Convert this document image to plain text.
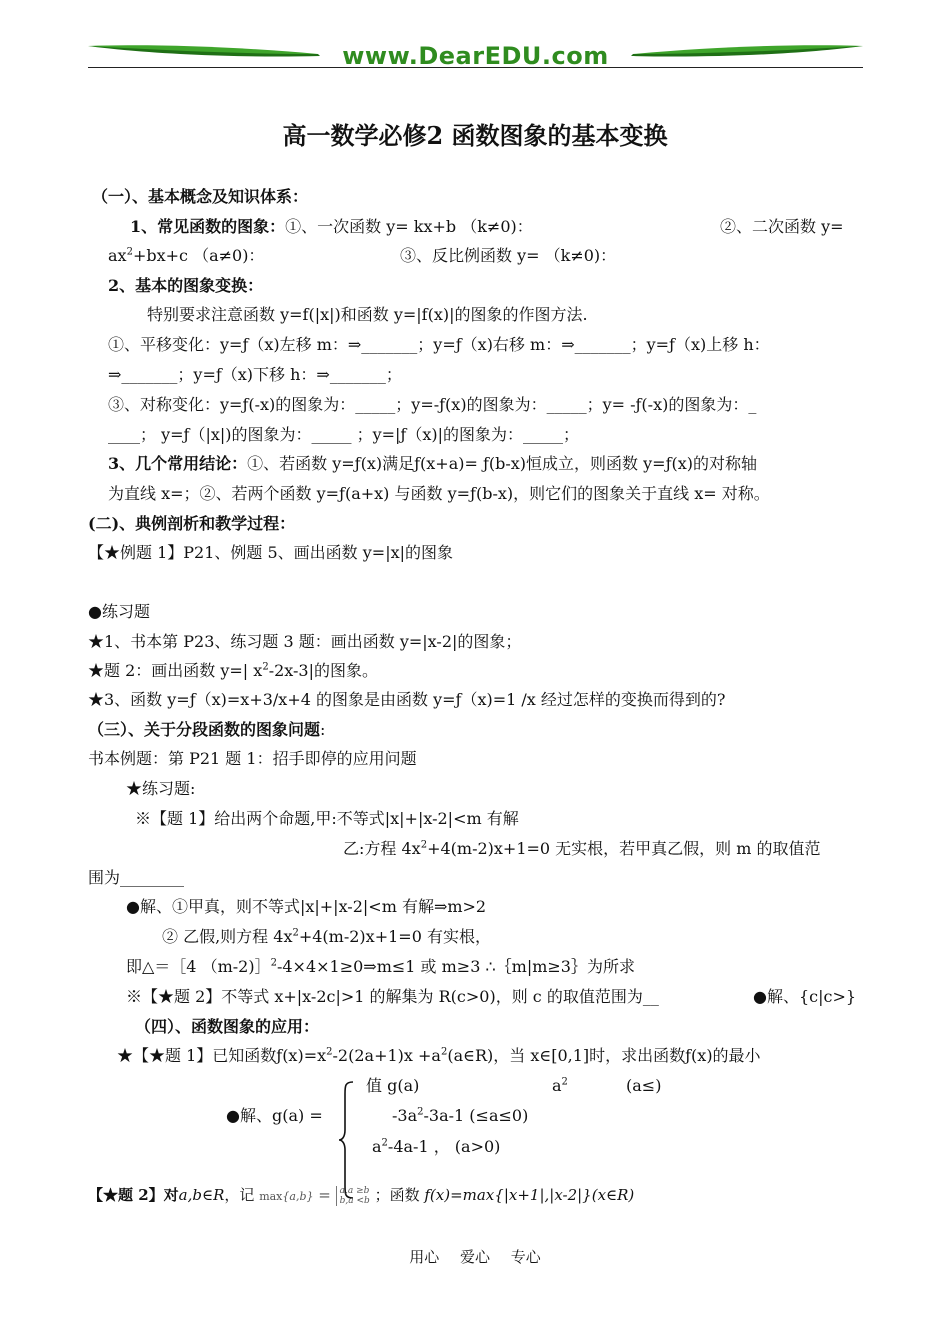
www.DearEDU.com
高一数学必修2 函数图象的基本变换
（一）、基本概念及知识体系：
1、常见函数的图象：①、一次函数 y= kx+b （k≠0)：	②、二次函数 y=
$ax^2+bx+c$ （a≠0)：	③、反比例函数 y= （k≠0)：
2、基本的图象变换：
特别要求注意函数 y=f(|x|)和函数 y=|f(x)|的图象的作图方法.
①、平移变化：y=ƒ（x)左移 m：⇒_______；y=ƒ（x)右移 m：⇒_______；y=ƒ（x)上移 h：
⇒_______；y=ƒ（x)下移 h：⇒_______；
③、对称变化：y=ƒ(-x)的图象为：_____；y=-ƒ(x)的图象为：_____；y= -ƒ(-x)的图象为：_
____； y=ƒ（|x|)的图象为：_____ ；y=|ƒ（x)|的图象为：_____；
3、几个常用结论：①、若函数 y=ƒ(x)满足ƒ(x+a)= ƒ(b-x)恒成立，则函数 y=ƒ(x)的对称轴
为直线 x=；②、若两个函数 y=ƒ(a+x) 与函数 y=ƒ(b-x)，则它们的图象关于直线 x= 对称。
(二)、典例剖析和教学过程：
【★例题 1】P21、例题 5、画出函数 y=|x|的图象
●练习题
★1、书本第 P23、练习题 3 题：画出函数 y=|x-2|的图象；
★题 2：画出函数 y=| $x^2-2x-3|$的图象。
★3、函数 y=ƒ（x)=x+3/x+4 的图象是由函数 y=ƒ（x)=1 /x 经过怎样的变换而得到的?
（三）、关于分段函数的图象问题:
书本例题：第 P21 题 1：招手即停的应用问题
★练习题:
※【题 1】给出两个命题,甲:不等式|x|+|x-2|<m 有解
乙:方程 $4x^2+4(m-2)x+1=0$ 无实根，若甲真乙假，则 m 的取值范
围为________
●解、①甲真，则不等式|x|+|x-2|<m 有解⇒m>2
② 乙假,则方程 $4x^2+4(m-2)x+1=0$ 有实根，
即△＝［4 （m-2)］$^2$-4×4×1≥0⇒m≤1 或 m≥3 ∴｛m|m≥3｝为所求
※【★题 2】不等式 x+|x-2c|>1 的解集为 R(c>0)，则 c 的取值范围为__	●解、{c|c>}
（四）、函数图象的应用：
★【★题 1】已知函数$ƒ(x)=x^2-2(2a+1)x$ $+a^2(a\in R)$，当 x∈[0,1]时，求出函数ƒ(x)的最小
值 g(a)	$a^2$	(a≤)
●解、g(a) =	$-3a^2-3a-1$ (≤a≤0)
$a^2-4a-1$ ， (a>0)
【★题 2】对a,b∈R，记 max{a,b} = a,a ≥b
b,a <b ；函数 f(x)=max{|x+1|,|x-2|}(x∈R)
用心 爱心 专心
